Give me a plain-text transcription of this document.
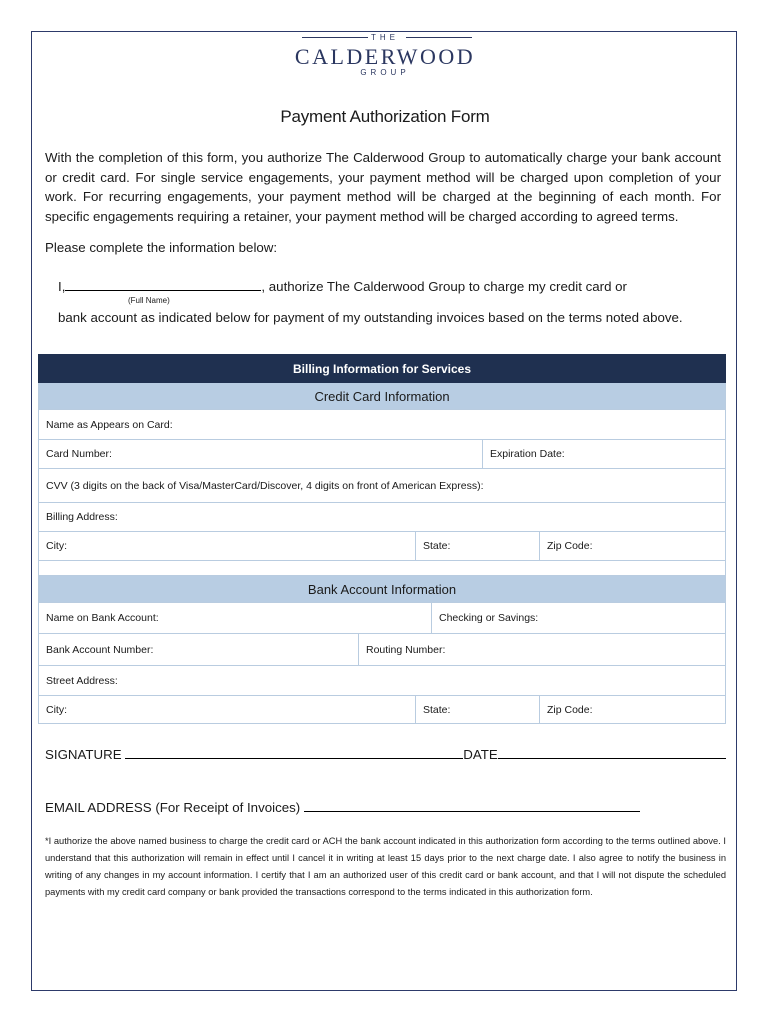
THE
CALDERWOOD
GROUP
Payment Authorization Form
With the completion of this form, you authorize The Calderwood Group to automatically charge your bank account or credit card. For single service engagements, your payment method will be charged upon completion of your work. For recurring engagements, your payment method will be charged at the beginning of each month. For specific engagements requiring a retainer, your payment method will be charged according to agreed terms.
Please complete the information below:
I,	, authorize The Calderwood Group to charge my credit card or
(Full Name)
bank account as indicated below for payment of my outstanding invoices based on the terms noted above.
Billing Information for Services
Credit Card Information
Name as Appears on Card:
Card Number:	Expiration Date:
CVV (3 digits on the back of Visa/MasterCard/Discover, 4 digits on front of American Express):
Billing Address:
City:	State:	Zip Code:
Bank Account Information
Name on Bank Account:	Checking or Savings:
Bank Account Number:	Routing Number:
Street Address:
City:	State:	Zip Code:
SIGNATURE	DATE
EMAIL ADDRESS (For Receipt of Invoices)
*I authorize the above named business to charge the credit card or ACH the bank account indicated in this authorization form according to the terms outlined above. I understand that this authorization will remain in effect until I cancel it in writing at least 15 days prior to the next charge date. I also agree to notify the business in writing of any changes in my account information. I certify that I am an authorized user of this credit card or bank account, and that I will not dispute the scheduled payments with my credit card company or bank provided the transactions correspond to the terms indicated in this authorization form.
